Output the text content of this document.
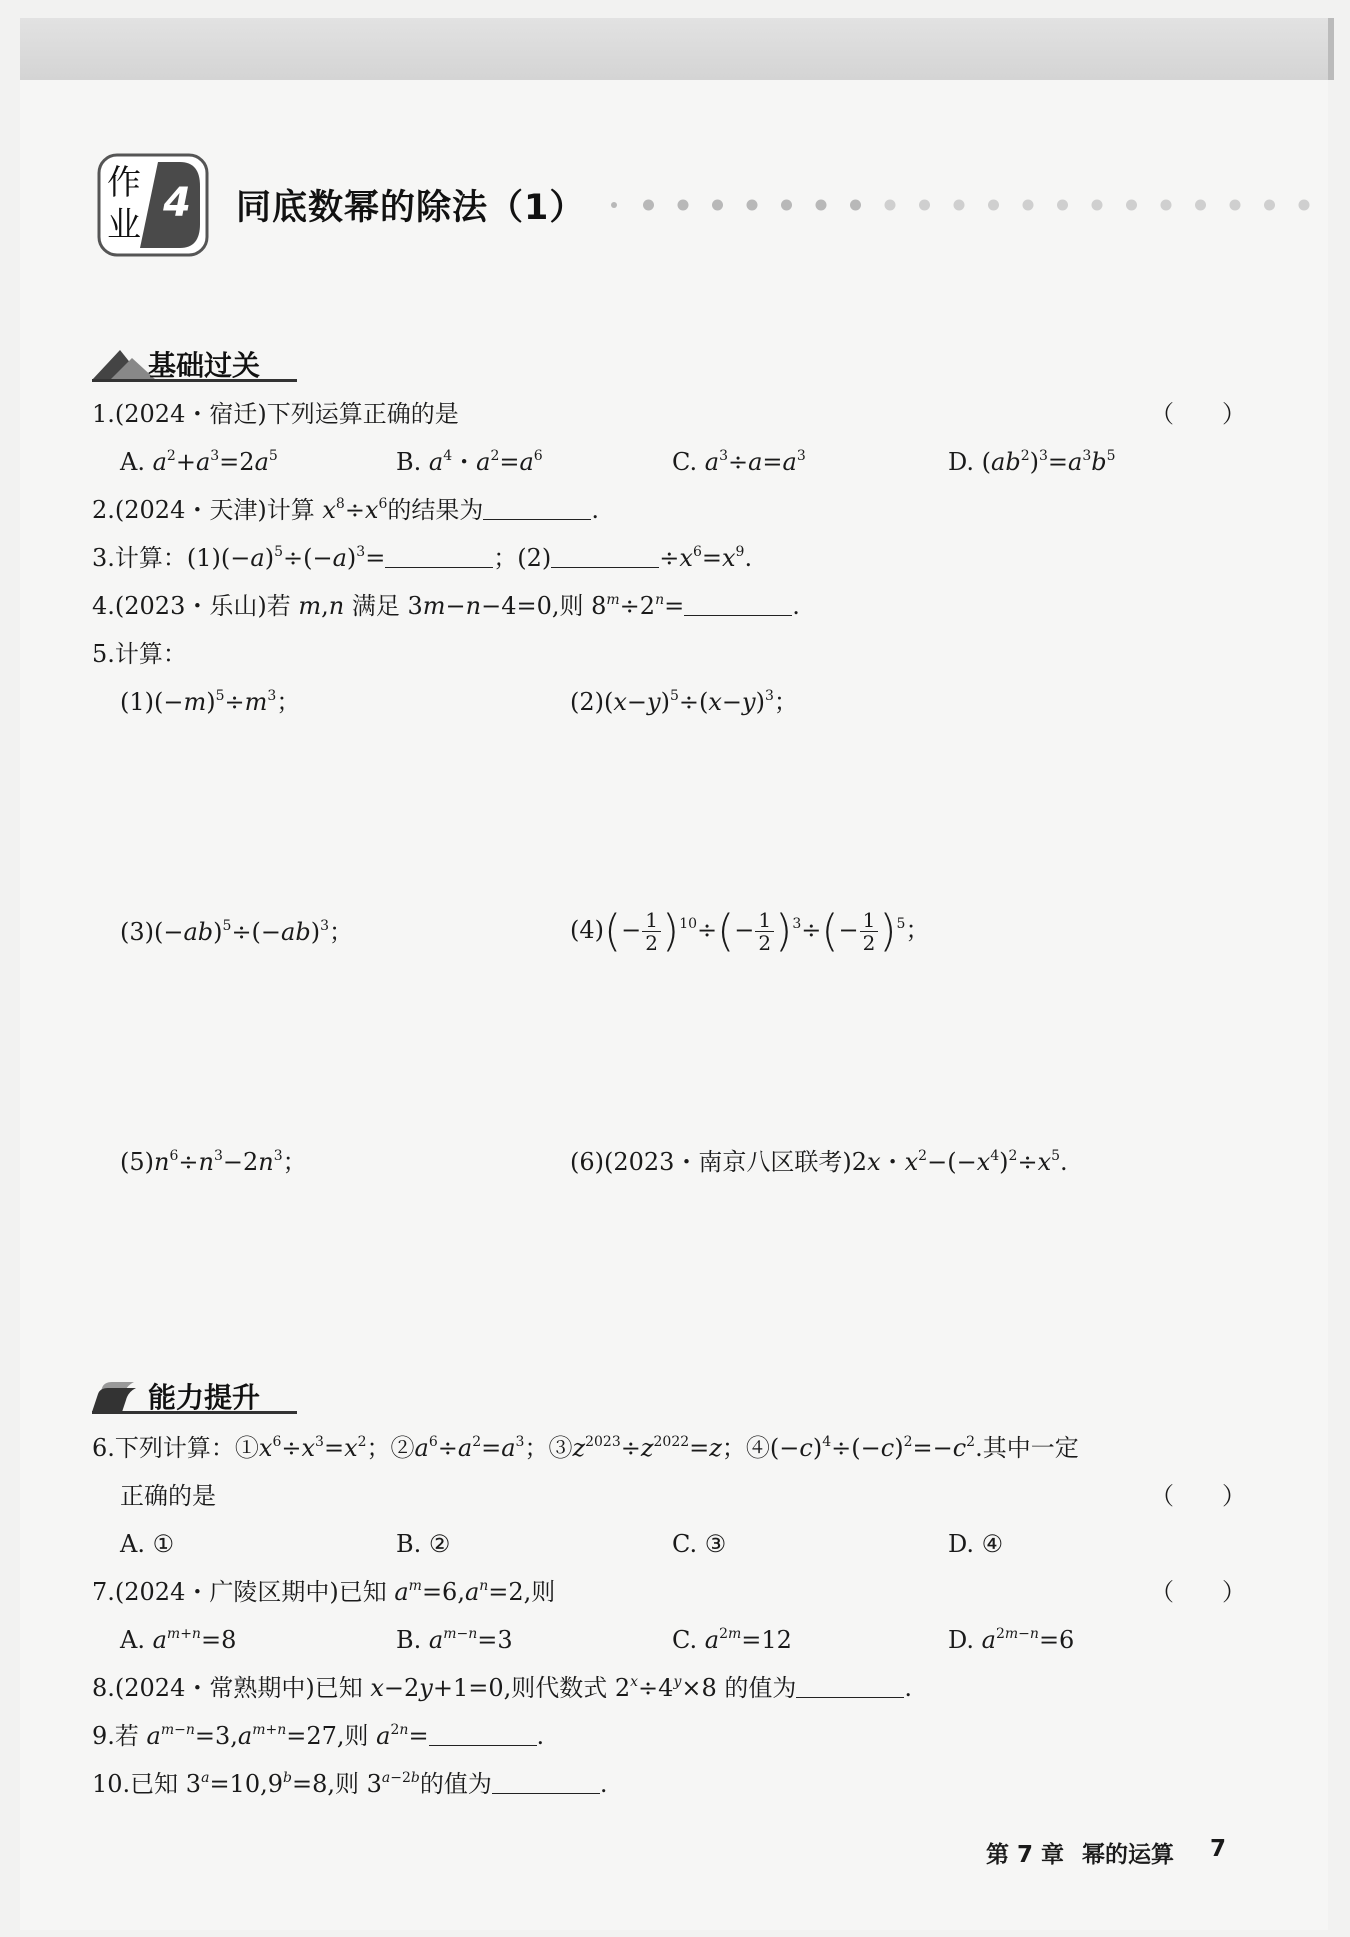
作业 4 同底数幂的除法（1）
基础过关
1.(2024・宿迁)下列运算正确的是	（　　）
A. $a^2+a^3=2a^5$	B. $a^4$・$a^2=a^6$	C. $a^3\div a=a^3$	D. $(ab^2)^3=a^3b^5$
2.(2024・天津)计算 $x^8\div x^6$的结果为	.
3.计算：$(1)(-a)^5\div(-a)^3=$	；(2)	$\div x^6=x^9$.
4.(2023・乐山)若 m,n 满足 3m−n−4=0,则 $8^m\div 2^n=$	.
5.计算：
$(1)(-m)^5\div m^3$；	$(2)(x-y)^5\div(x-y)^3$；
$(3)(-ab)^5\div(-ab)^3$；	$(4)(- \frac{1}{2} )^{10}\div(- \frac{1}{2} )^3\div(- \frac{1}{2} )^5$；
$(5)n^6\div n^3-2n^3$；	(6)(2023・南京八区联考)2x・$x^2-(-x^4)^2\div x^5$.
能力提升
6.下列计算：$①x^6\div x^3=x^2$；$②a^6\div a^2=a^3$；$③z^{2023}\div z^{2022}=z$；$④(-c)^4\div(-c)^2=-c^2$.其中一定
正确的是	（　　）
A. ①	B. ②	C. ③	D. ④
7.(2024・广陵区期中)已知 $a^m=6,a^n=2$,则	（　　）
A. $a^{m+n}=8$	B. $a^{m-n}=3$	C. $a^{2m}=12$	D. $a^{2m-n}=6$
8.(2024・常熟期中)已知 x−2y+1=0,则代数式 $2^x\div 4^y\times 8$ 的值为	.
9.若 $a^{m-n}=3,a^{m+n}=27$,则 $a^{2n}=$	.
10.已知 $3^a=10,9^b=8$,则 $3^{a-2b}$的值为	.
第 7 章 幂的运算 7
